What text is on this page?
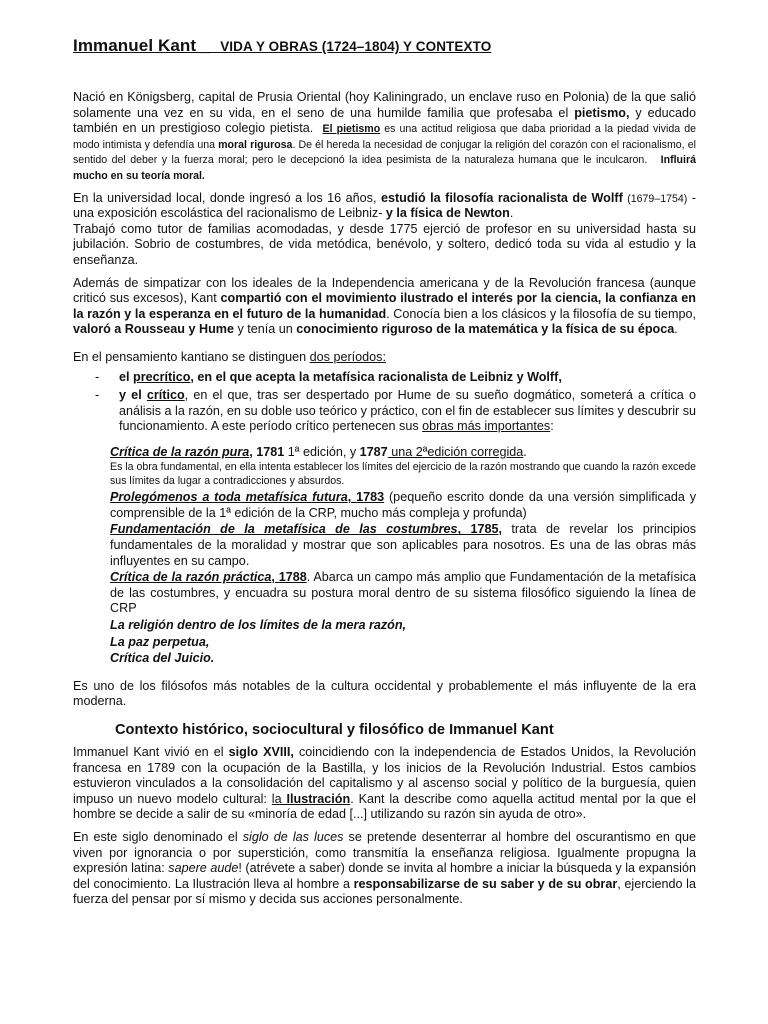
Immanuel Kant _ VIDA Y OBRAS (1724–1804) Y CONTEXTO

Nació en Königsberg, capital de Prusia Oriental (hoy Kaliningrado, un enclave ruso en Polonia) de la que salió solamente una vez en su vida, en el seno de una humilde familia que profesaba el pietismo, y educado también en un prestigioso colegio pietista. El pietismo es una actitud religiosa que daba prioridad a la piedad vivida de modo intimista y defendía una moral rigurosa. De él hereda la necesidad de conjugar la religión del corazón con el racionalismo, el sentido del deber y la fuerza moral; pero le decepcionó la idea pesimista de la naturaleza humana que le inculcaron. Influirá mucho en su teoría moral.

En la universidad local, donde ingresó a los 16 años, estudió la filosofía racionalista de Wolff (1679–1754) - una exposición escolástica del racionalismo de Leibniz- y la física de Newton.
Trabajó como tutor de familias acomodadas, y desde 1775 ejerció de profesor en su universidad hasta su jubilación. Sobrio de costumbres, de vida metódica, benévolo, y soltero, dedicó toda su vida al estudio y la enseñanza.

Además de simpatizar con los ideales de la Independencia americana y de la Revolución francesa (aunque criticó sus excesos), Kant compartió con el movimiento ilustrado el interés por la ciencia, la confianza en la razón y la esperanza en el futuro de la humanidad. Conocía bien a los clásicos y la filosofía de su tiempo, valoró a Rousseau y Hume y tenía un conocimiento riguroso de la matemática y la física de su época.

En el pensamiento kantiano se distinguen dos períodos:

- el precrítico, en el que acepta la metafísica racionalista de Leibniz y Wolff,
- y el crítico, en el que, tras ser despertado por Hume de su sueño dogmático, someterá a crítica o análisis a la razón, en su doble uso teórico y práctico, con el fin de establecer sus límites y descubrir su funcionamiento. A este período crítico pertenecen sus obras más importantes:

Crítica de la razón pura, 1781 1ª edición, y 1787 una 2ªedición corregida.

Es la obra fundamental, en ella intenta establecer los límites del ejercicio de la razón mostrando que cuando la razón excede sus límites da lugar a contradicciones y absurdos.

Prolegómenos a toda metafísica futura, 1783 (pequeño escrito donde da una versión simplificada y comprensible de la 1ª edición de la CRP, mucho más compleja y profunda)

Fundamentación de la metafísica de las costumbres, 1785, trata de revelar los principios fundamentales de la moralidad y mostrar que son aplicables para nosotros. Es una de las obras más influyentes en su campo.

Crítica de la razón práctica, 1788. Abarca un campo más amplio que Fundamentación de la metafísica de las costumbres, y encuadra su postura moral dentro de su sistema filosófico siguiendo la línea de CRP

La religión dentro de los límites de la mera razón,

La paz perpetua,

Crítica del Juicio.

Es uno de los filósofos más notables de la cultura occidental y probablemente el más influyente de la era moderna.

Contexto histórico, sociocultural y filosófico de Immanuel Kant

Immanuel Kant vivió en el siglo XVIII, coincidiendo con la independencia de Estados Unidos, la Revolución francesa en 1789 con la ocupación de la Bastilla, y los inicios de la Revolución Industrial. Estos cambios estuvieron vinculados a la consolidación del capitalismo y al ascenso social y político de la burguesía, quien impuso un nuevo modelo cultural: la Ilustración. Kant la describe como aquella actitud mental por la que el hombre se decide a salir de su «minoría de edad [...] utilizando su razón sin ayuda de otro».

En este siglo denominado el siglo de las luces se pretende desenterrar al hombre del oscurantismo en que viven por ignorancia o por superstición, como transmitía la enseñanza religiosa. Igualmente propugna la expresión latina: sapere aude! (atrévete a saber) donde se invita al hombre a iniciar la búsqueda y la expansión del conocimiento. La Ilustración lleva al hombre a responsabilizarse de su saber y de su obrar, ejerciendo la fuerza del pensar por sí mismo y decida sus acciones personalmente.
